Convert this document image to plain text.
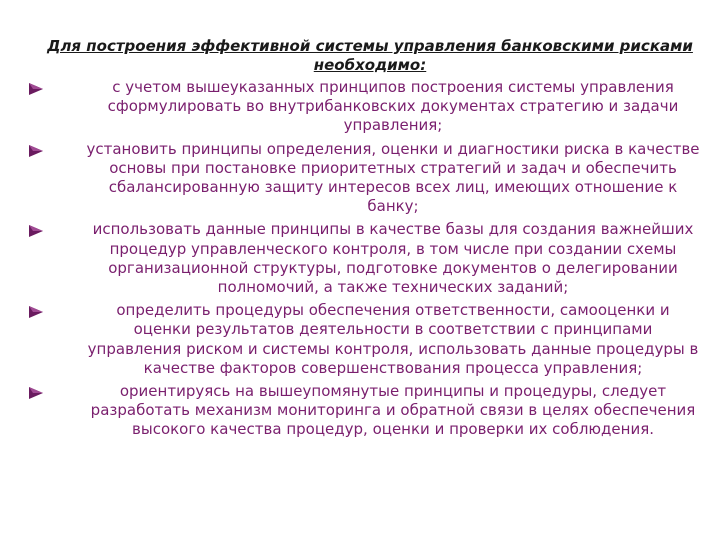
Для построения эффективной системы управления банковскими рисками необходимо:

с учетом вышеуказанных принципов построения системы управления сформулировать во внутрибанковских документах стратегию и задачи управления;
установить принципы определения, оценки и диагностики риска в качестве основы при постановке приоритетных стратегий и задач и обеспечить сбалансированную защиту интересов всех лиц, имеющих отношение к банку;
использовать данные принципы в качестве базы для создания важнейших процедур управленческого контроля, в том числе при создании схемы организационной структуры, подготовке документов о делегировании полномочий, а также технических заданий;
определить процедуры обеспечения ответственности, самооценки и оценки результатов деятельности в соответствии с принципами управления риском и системы контроля, использовать данные процедуры в качестве факторов совершенствования процесса управления;
ориентируясь на вышеупомянутые принципы и процедуры, следует разработать механизм мониторинга и обратной связи в целях обеспечения высокого качества процедур, оценки и проверки их соблюдения.
